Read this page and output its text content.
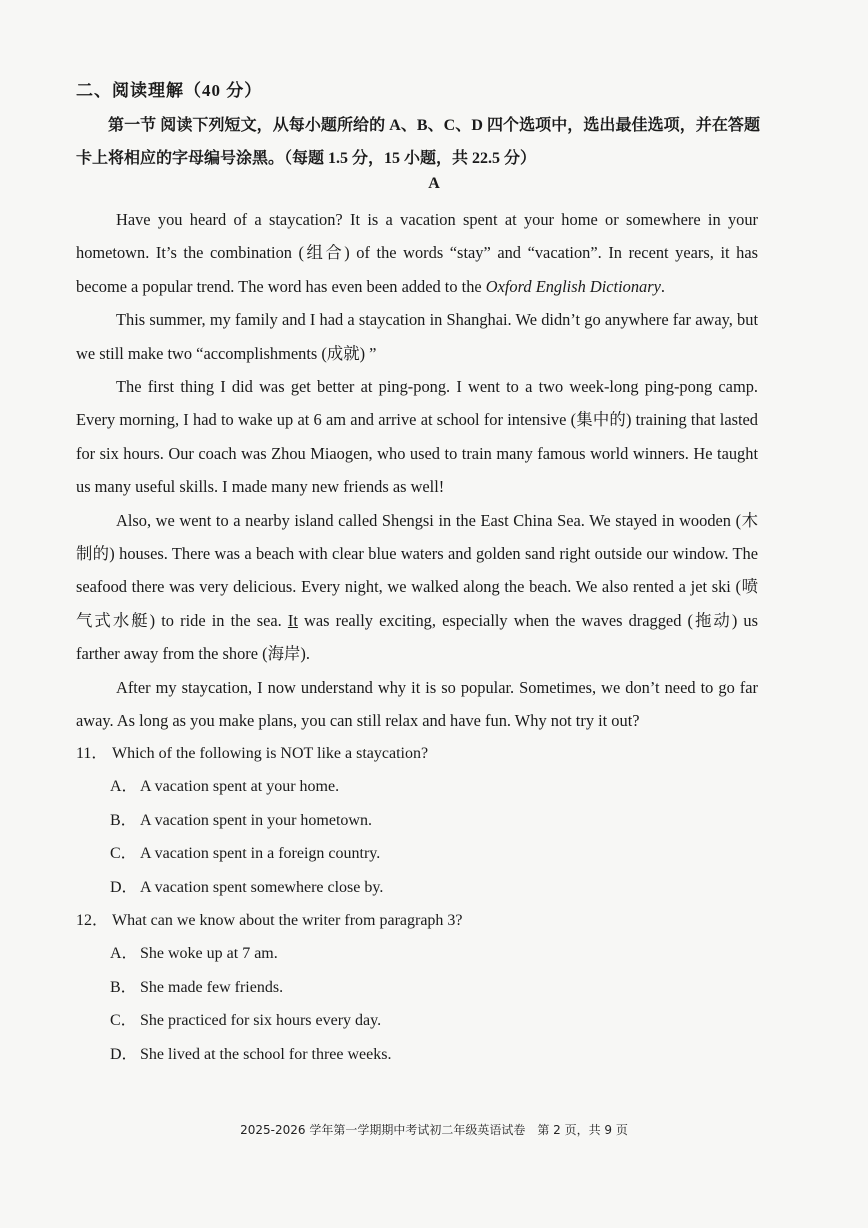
二、阅读理解（40 分）
第一节 阅读下列短文，从每小题所给的 A、B、C、D 四个选项中，选出最佳选项，并在答题卡上将相应的字母编号涂黑。（每题 1.5 分，15 小题，共 22.5 分）
A

Have you heard of a staycation? It is a vacation spent at your home or somewhere in your hometown. It’s the combination (组合) of the words “stay” and “vacation”. In recent years, it has become a popular trend. The word has even been added to the Oxford English Dictionary.

This summer, my family and I had a staycation in Shanghai. We didn’t go anywhere far away, but we still make two “accomplishments (成就) ”

The first thing I did was get better at ping-pong. I went to a two week-long ping-pong camp. Every morning, I had to wake up at 6 am and arrive at school for intensive (集中的) training that lasted for six hours. Our coach was Zhou Miaogen, who used to train many famous world winners. He taught us many useful skills. I made many new friends as well!

Also, we went to a nearby island called Shengsi in the East China Sea. We stayed in wooden (木制的) houses. There was a beach with clear blue waters and golden sand right outside our window. The seafood there was very delicious. Every night, we walked along the beach. We also rented a jet ski (喷气式水艇) to ride in the sea. It was really exciting, especially when the waves dragged (拖动) us farther away from the shore (海岸).

After my staycation, I now understand why it is so popular. Sometimes, we don’t need to go far away. As long as you make plans, you can still relax and have fun. Why not try it out?

11． Which of the following is NOT like a staycation?
A． A vacation spent at your home.
B． A vacation spent in your hometown.
C． A vacation spent in a foreign country.
D． A vacation spent somewhere close by.
12． What can we know about the writer from paragraph 3?
A． She woke up at 7 am.
B． She made few friends.
C． She practiced for six hours every day.
D． She lived at the school for three weeks.
2025-2026 学年第一学期期中考试初二年级英语试卷　第 2 页，共 9 页
